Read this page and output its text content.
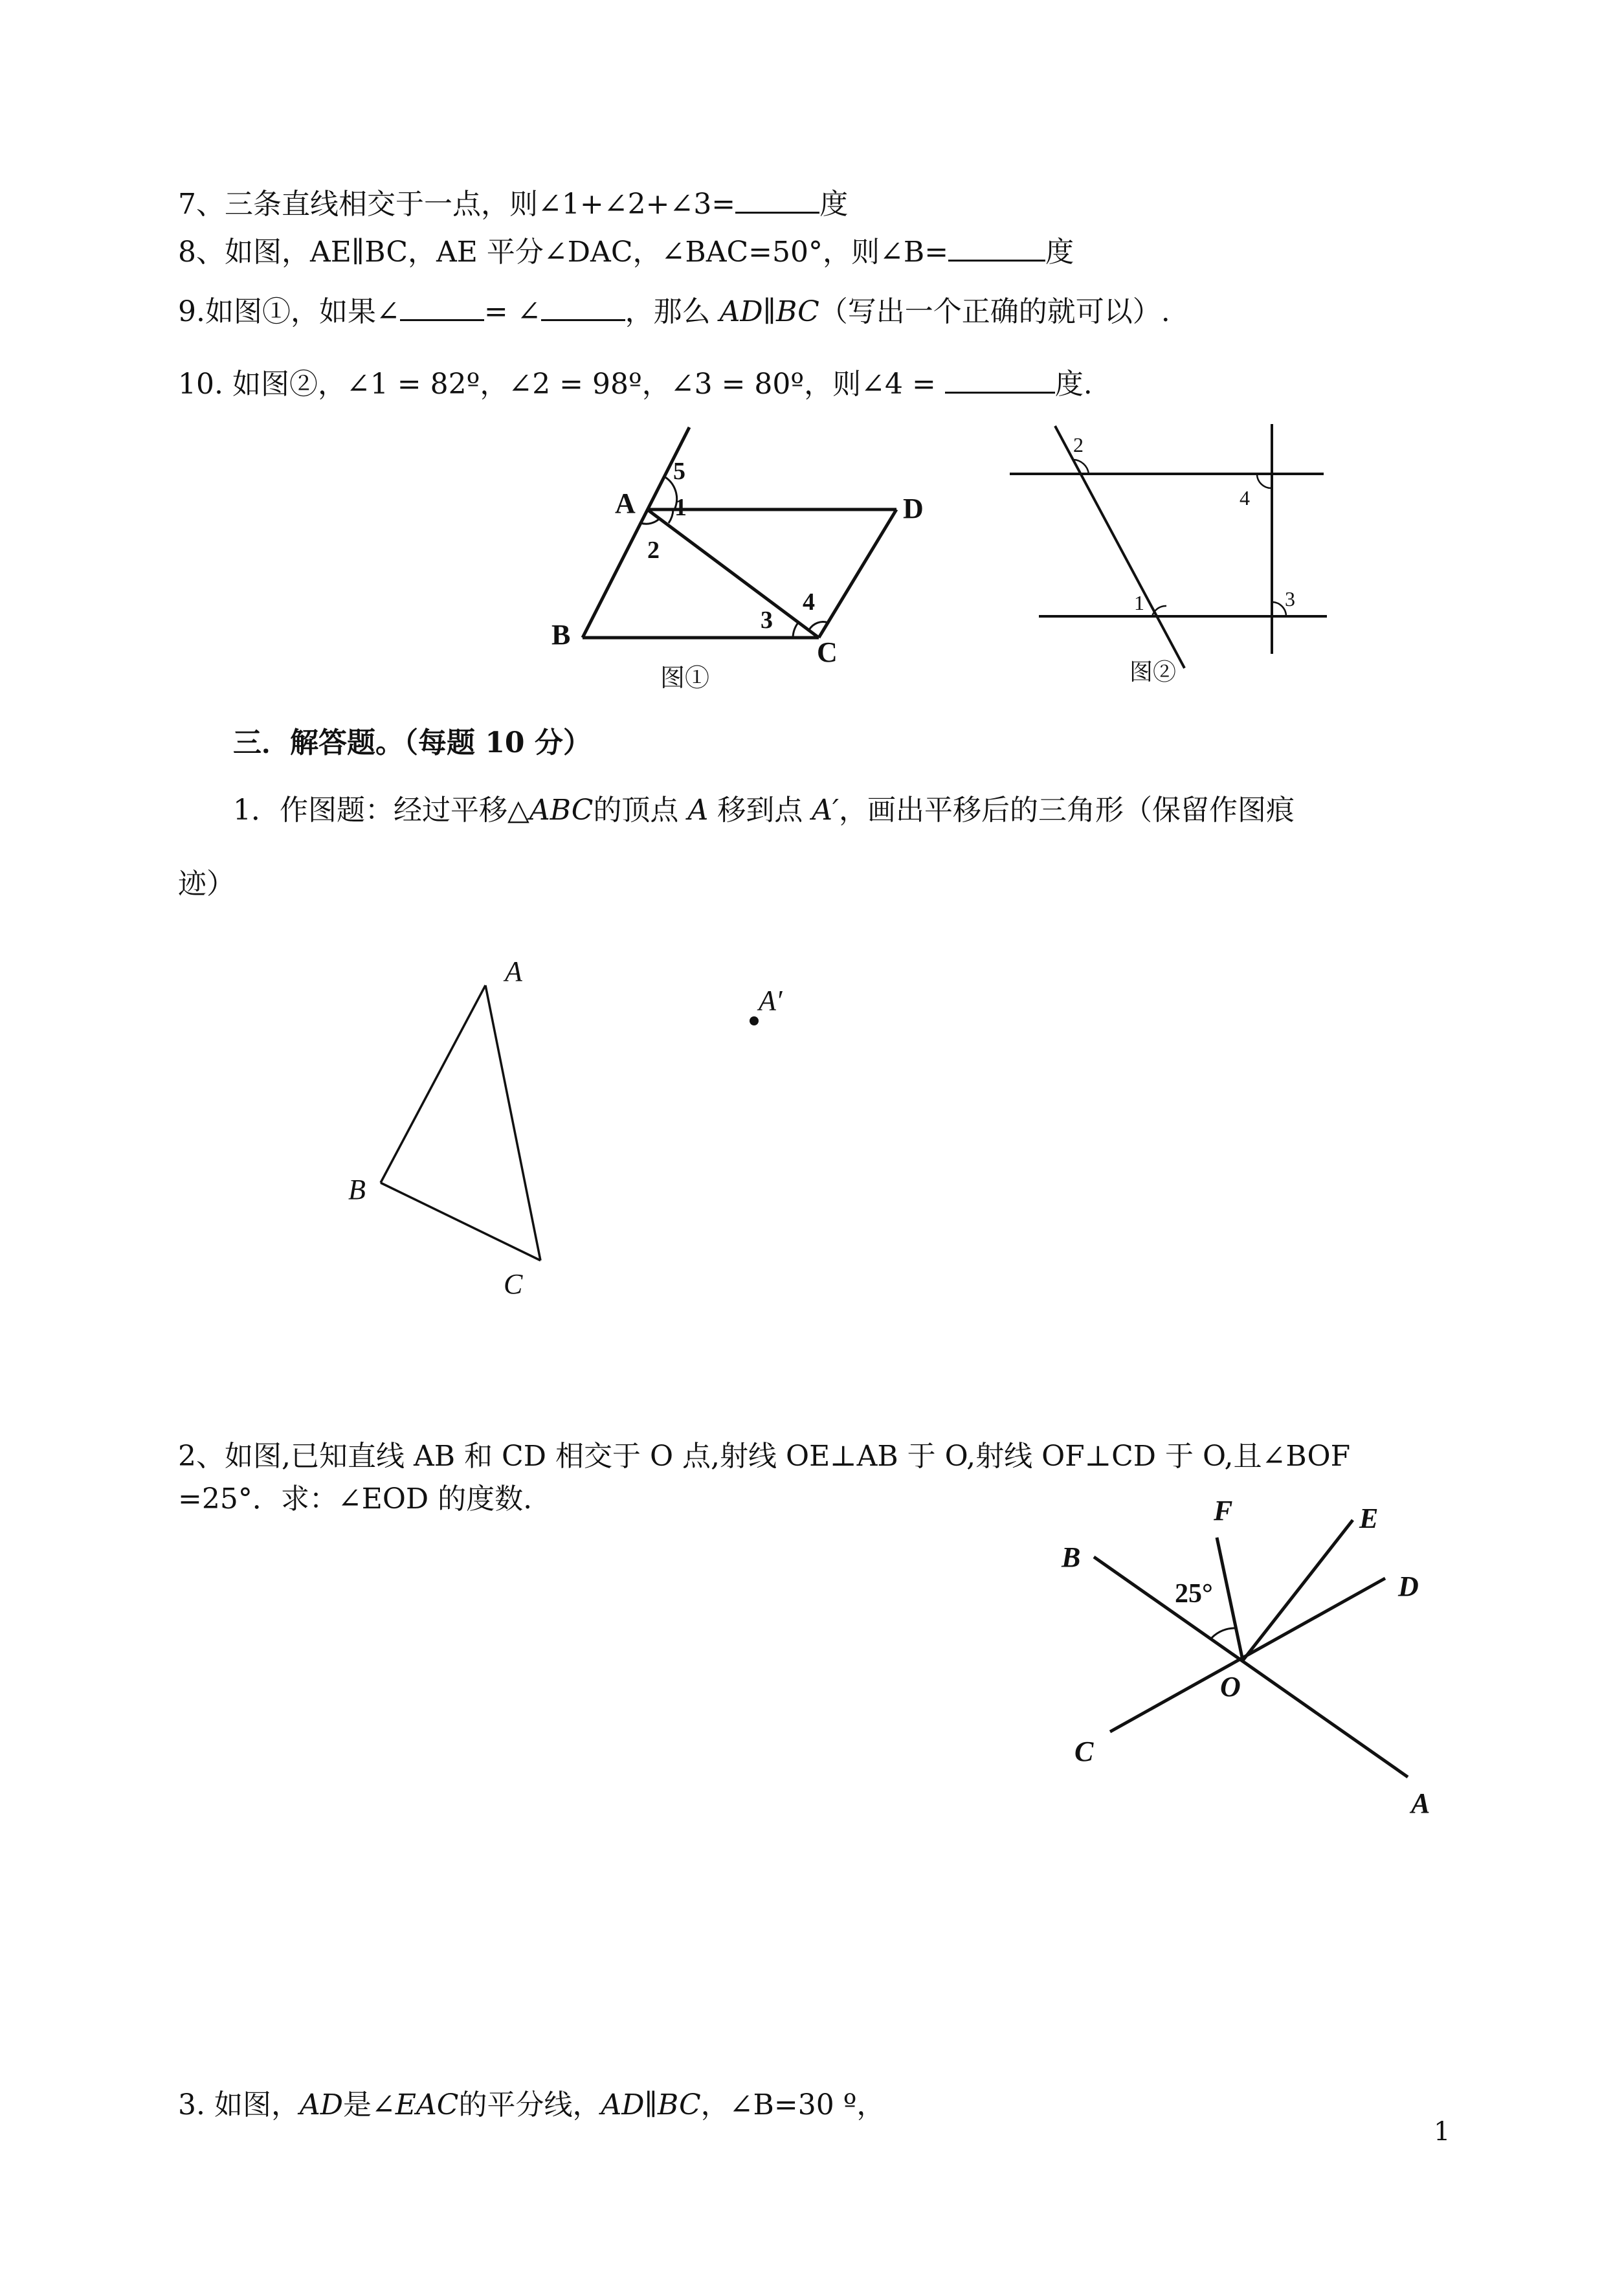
7、三条直线相交于一点，则∠1+∠2+∠3=	度
8、如图，AE∥BC，AE 平分∠DAC，∠BAC=50°，则∠B=	度
9.如图①，如果∠	= ∠	，那么 AD∥BC（写出一个正确的就可以）.
10. 如图②，∠1 = 82º，∠2 = 98º，∠3 = 80º，则∠4 =	度.
A	D
B
C
1
2
3
4
5
图①
2
4
1	3
图②
三．解答题。（每题 10 分）
1．作图题：经过平移△ABC的顶点 A 移到点 A′，画出平移后的三角形（保留作图痕
迹）
A
B
C
A′
2、如图,已知直线 AB 和 CD 相交于 O 点,射线 OE⊥AB 于 O,射线 OF⊥CD 于 O,且∠BOF
=25°．求：∠EOD 的度数.
B
C
D
E
F
O
A
25°
3. 如图，AD是∠EAC的平分线，AD∥BC，∠B=30 º，
1
